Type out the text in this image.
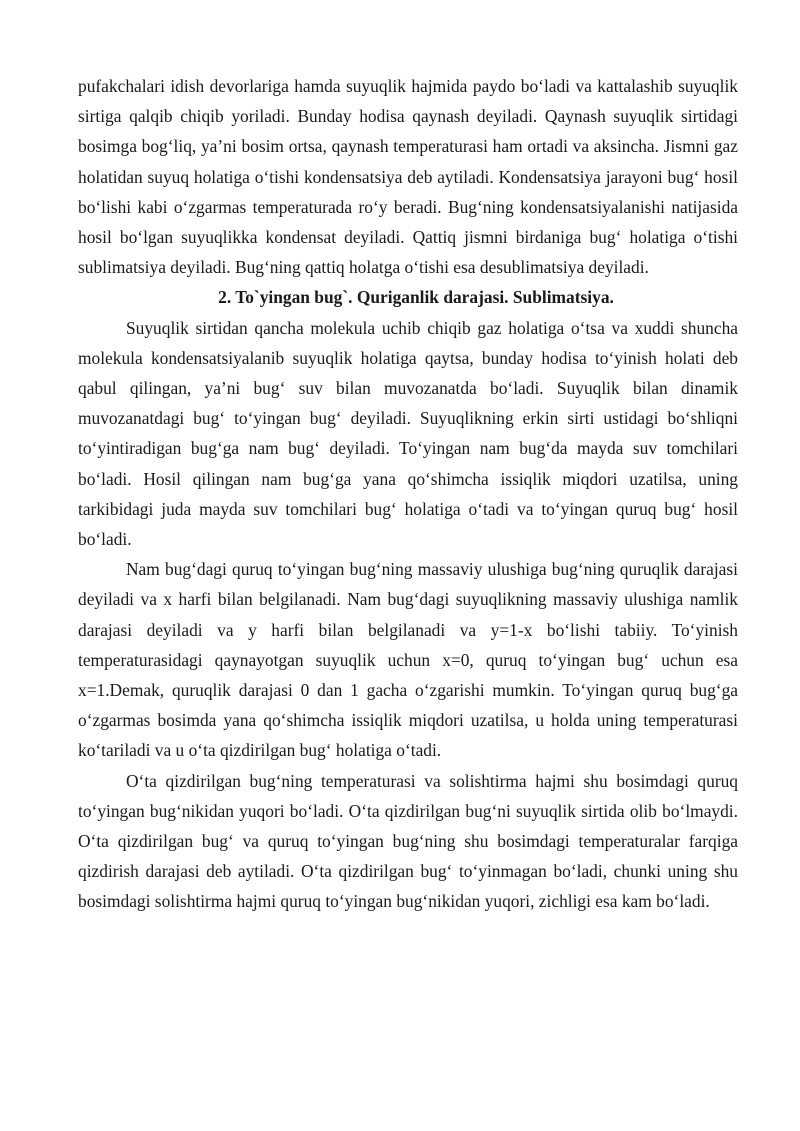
pufakchalari idish devorlariga hamda suyuqlik hajmida paydo bo‘ladi va kattalashib suyuqlik sirtiga qalqib chiqib yoriladi. Bunday hodisa qaynash deyiladi. Qaynash suyuqlik sirtidagi bosimga bog‘liq, ya’ni bosim ortsa, qaynash temperaturasi ham ortadi va aksincha. Jismni gaz holatidan suyuq holatiga o‘tishi kondensatsiya deb aytiladi. Kondensatsiya jarayoni bug‘ hosil bo‘lishi kabi o‘zgarmas temperaturada ro‘y beradi. Bug‘ning kondensatsiyalanishi natijasida hosil bo‘lgan suyuqlikka kondensat deyiladi. Qattiq jismni birdaniga bug‘ holatiga o‘tishi sublimatsiya deyiladi. Bug‘ning qattiq holatga o‘tishi esa desublimatsiya deyiladi.

2. To`yingan bug`. Quriganlik darajasi. Sublimatsiya.

Suyuqlik sirtidan qancha molekula uchib chiqib gaz holatiga o‘tsa va xuddi shuncha molekula kondensatsiyalanib suyuqlik holatiga qaytsa, bunday hodisa to‘yinish holati deb qabul qilingan, ya’ni bug‘ suv bilan muvozanatda bo‘ladi. Suyuqlik bilan dinamik muvozanatdagi bug‘ to‘yingan bug‘ deyiladi. Suyuqlikning erkin sirti ustidagi bo‘shliqni to‘yintiradigan bug‘ga nam bug‘ deyiladi. To‘yingan nam bug‘da mayda suv tomchilari bo‘ladi. Hosil qilingan nam bug‘ga yana qo‘shimcha issiqlik miqdori uzatilsa, uning tarkibidagi juda mayda suv tomchilari bug‘ holatiga o‘tadi va to‘yingan quruq bug‘ hosil bo‘ladi.

Nam bug‘dagi quruq to‘yingan bug‘ning massaviy ulushiga bug‘ning quruqlik darajasi deyiladi va x harfi bilan belgilanadi. Nam bug‘dagi suyuqlikning massaviy ulushiga namlik darajasi deyiladi va y harfi bilan belgilanadi va y=1-x bo‘lishi tabiiy. To‘yinish temperaturasidagi qaynayotgan suyuqlik uchun x=0, quruq to‘yingan bug‘ uchun esa x=1.Demak, quruqlik darajasi 0 dan 1 gacha o‘zgarishi mumkin. To‘yingan quruq bug‘ga o‘zgarmas bosimda yana qo‘shimcha issiqlik miqdori uzatilsa, u holda uning temperaturasi ko‘tariladi va u o‘ta qizdirilgan bug‘ holatiga o‘tadi.

O‘ta qizdirilgan bug‘ning temperaturasi va solishtirma hajmi shu bosimdagi quruq to‘yingan bug‘nikidan yuqori bo‘ladi. O‘ta qizdirilgan bug‘ni suyuqlik sirtida olib bo‘lmaydi. O‘ta qizdirilgan bug‘ va quruq to‘yingan bug‘ning shu bosimdagi temperaturalar farqiga qizdirish darajasi deb aytiladi. O‘ta qizdirilgan bug‘ to‘yinmagan bo‘ladi, chunki uning shu bosimdagi solishtirma hajmi quruq to‘yingan bug‘nikidan yuqori, zichligi esa kam bo‘ladi.
